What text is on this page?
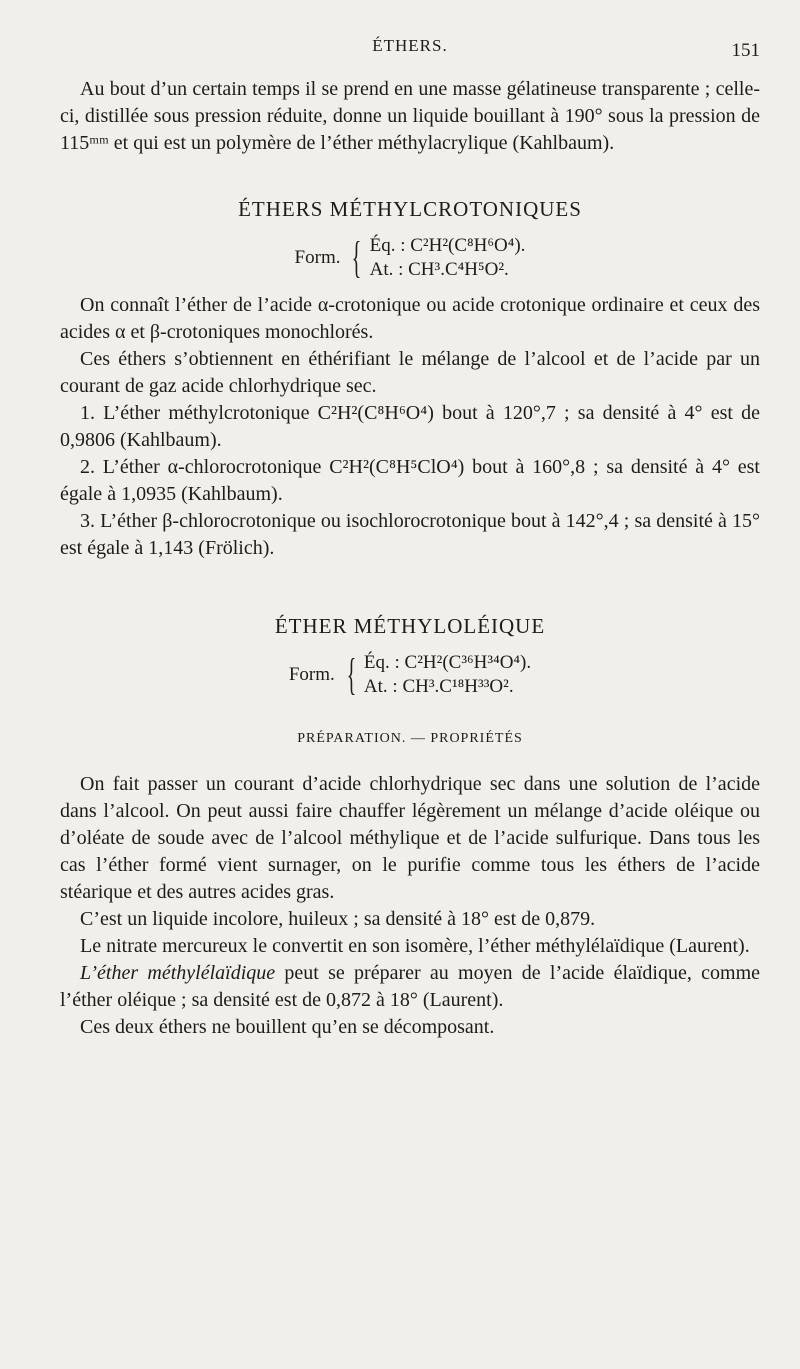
ÉTHERS.	151

Au bout d’un certain temps il se prend en une masse gélatineuse transparente ; celle-ci, distillée sous pression réduite, donne un liquide bouillant à 190° sous la pression de 115ᵐᵐ et qui est un polymère de l’éther méthylacrylique (Kahlbaum).

ÉTHERS MÉTHYLCROTONIQUES
Form. { Éq. : C²H²(C⁸H⁶O⁴).
At. : CH³.C⁴H⁵O².

On connaît l’éther de l’acide α-crotonique ou acide crotonique ordinaire et ceux des acides α et β-crotoniques monochlorés.

Ces éthers s’obtiennent en éthérifiant le mélange de l’alcool et de l’acide par un courant de gaz acide chlorhydrique sec.

1. L’éther méthylcrotonique C²H²(C⁸H⁶O⁴) bout à 120°,7 ; sa densité à 4° est de 0,9806 (Kahlbaum).

2. L’éther α-chlorocrotonique C²H²(C⁸H⁵ClO⁴) bout à 160°,8 ; sa densité à 4° est égale à 1,0935 (Kahlbaum).

3. L’éther β-chlorocrotonique ou isochlorocrotonique bout à 142°,4 ; sa densité à 15° est égale à 1,143 (Frölich).

ÉTHER MÉTHYLOLÉIQUE
Form. { Éq. : C²H²(C³⁶H³⁴O⁴).
At. : CH³.C¹⁸H³³O².
PRÉPARATION. — PROPRIÉTÉS

On fait passer un courant d’acide chlorhydrique sec dans une solution de l’acide dans l’alcool. On peut aussi faire chauffer légèrement un mélange d’acide oléique ou d’oléate de soude avec de l’alcool méthylique et de l’acide sulfurique. Dans tous les cas l’éther formé vient surnager, on le purifie comme tous les éthers de l’acide stéarique et des autres acides gras.

C’est un liquide incolore, huileux ; sa densité à 18° est de 0,879.

Le nitrate mercureux le convertit en son isomère, l’éther méthylélaïdique (Laurent).

L’éther méthylélaïdique peut se préparer au moyen de l’acide élaïdique, comme l’éther oléique ; sa densité est de 0,872 à 18° (Laurent).

Ces deux éthers ne bouillent qu’en se décomposant.
